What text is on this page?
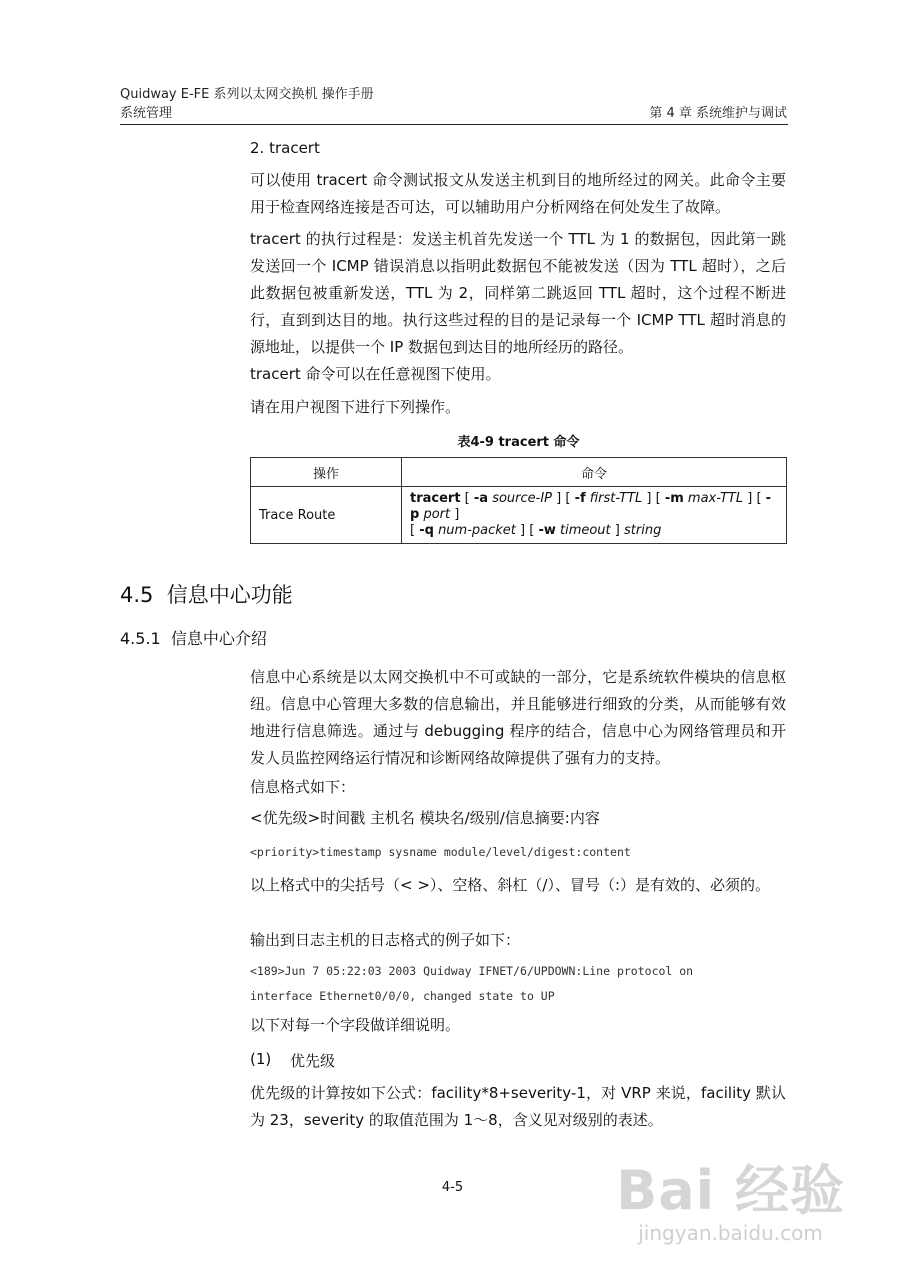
Quidway E-FE 系列以太网交换机 操作手册
系统管理	第 4 章 系统维护与调试
2. tracert
可以使用 tracert 命令测试报文从发送主机到目的地所经过的网关。此命令主要用于检查网络连接是否可达，可以辅助用户分析网络在何处发生了故障。
tracert 的执行过程是：发送主机首先发送一个 TTL 为 1 的数据包，因此第一跳发送回一个 ICMP 错误消息以指明此数据包不能被发送（因为 TTL 超时），之后此数据包被重新发送，TTL 为 2，同样第二跳返回 TTL 超时，这个过程不断进行，直到到达目的地。执行这些过程的目的是记录每一个 ICMP TTL 超时消息的源地址，以提供一个 IP 数据包到达目的地所经历的路径。
tracert 命令可以在任意视图下使用。
请在用户视图下进行下列操作。
表4-9 tracert 命令
操作	命令
Trace Route	tracert [ -a source-IP ] [ -f first-TTL ] [ -m max-TTL ] [ -p port ]
[ -q num-packet ] [ -w timeout ] string
4.5 信息中心功能
4.5.1 信息中心介绍
信息中心系统是以太网交换机中不可或缺的一部分，它是系统软件模块的信息枢纽。信息中心管理大多数的信息输出，并且能够进行细致的分类，从而能够有效地进行信息筛选。通过与 debugging 程序的结合，信息中心为网络管理员和开发人员监控网络运行情况和诊断网络故障提供了强有力的支持。
信息格式如下：
<优先级>时间戳 主机名 模块名/级别/信息摘要:内容
<priority>timestamp sysname module/level/digest:content
以上格式中的尖括号（< >）、空格、斜杠（/）、冒号（:）是有效的、必须的。
输出到日志主机的日志格式的例子如下：
<189>Jun 7 05:22:03 2003 Quidway IFNET/6/UPDOWN:Line protocol on
interface Ethernet0/0/0, changed state to UP
以下对每一个字段做详细说明。
(1) 优先级
优先级的计算按如下公式：facility*8+severity-1，对 VRP 来说，facility 默认为 23，severity 的取值范围为 1～8，含义见对级别的表述。
4-5	Bai 经验
jingyan.baidu.com
